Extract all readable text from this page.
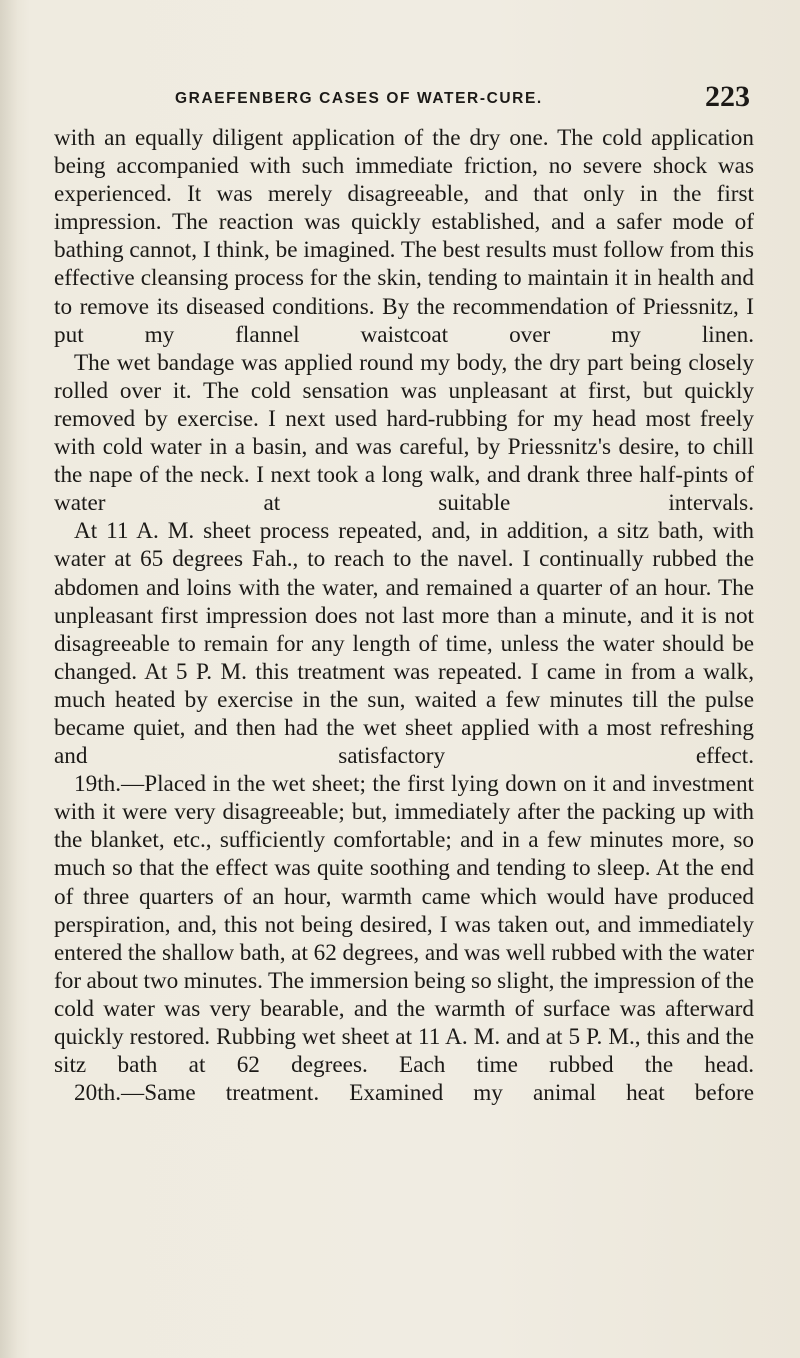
GRAEFENBERG CASES OF WATER-CURE.	223

with an equally diligent application of the dry one. The cold application being accompanied with such immediate friction, no severe shock was experienced. It was merely disagreeable, and that only in the first impression. The reaction was quickly established, and a safer mode of bathing cannot, I think, be imagined. The best results must follow from this effective cleansing process for the skin, tending to maintain it in health and to remove its diseased conditions. By the recommendation of Priessnitz, I put my flannel waistcoat over my linen.

The wet bandage was applied round my body, the dry part being closely rolled over it. The cold sensation was unpleasant at first, but quickly removed by exercise. I next used hard-rubbing for my head most freely with cold water in a basin, and was careful, by Priessnitz's desire, to chill the nape of the neck. I next took a long walk, and drank three half-pints of water at suitable intervals.

At 11 A. M. sheet process repeated, and, in addition, a sitz bath, with water at 65 degrees Fah., to reach to the navel. I continually rubbed the abdomen and loins with the water, and remained a quarter of an hour. The unpleasant first impression does not last more than a minute, and it is not disagreeable to remain for any length of time, unless the water should be changed. At 5 P. M. this treatment was repeated. I came in from a walk, much heated by exercise in the sun, waited a few minutes till the pulse became quiet, and then had the wet sheet applied with a most refreshing and satisfactory effect.

19th.—Placed in the wet sheet; the first lying down on it and investment with it were very disagreeable; but, immediately after the packing up with the blanket, etc., sufficiently comfortable; and in a few minutes more, so much so that the effect was quite soothing and tending to sleep. At the end of three quarters of an hour, warmth came which would have produced perspiration, and, this not being desired, I was taken out, and immediately entered the shallow bath, at 62 degrees, and was well rubbed with the water for about two minutes. The immersion being so slight, the impression of the cold water was very bearable, and the warmth of surface was afterward quickly restored. Rubbing wet sheet at 11 A. M. and at 5 P. M., this and the sitz bath at 62 degrees. Each time rubbed the head.

20th.—Same treatment. Examined my animal heat before
